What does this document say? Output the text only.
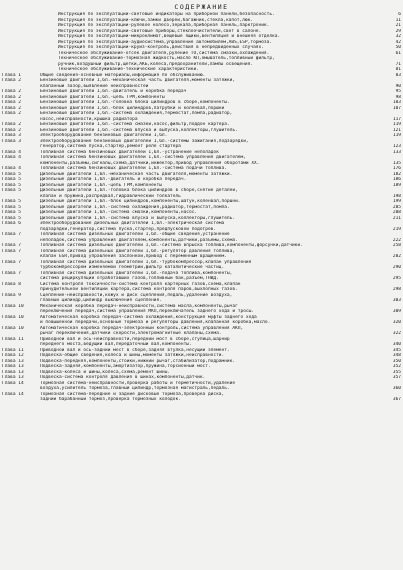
СОДЕРЖАНИЕ
Инструкция по эксплуатации-световые индикаторы на приборной панели,безопасность.	6
Инструкция по эксплуатации-ключи,замки дверей,багажник,стекла,капот,люк.	11
Инструкция по эксплуатации-рулевое колесо,зеркала,приборная панель,парктроник.	21
Инструкция по эксплуатации-световые приборы,стеклоочистители,свет в салоне.	29
Инструкция по эксплуатации-микроклимат,вещевые ящики,вентиляция и внешняя отделка.	32
Инструкция по эксплуатации-аудиосистема,управление автомобилем,ABS,ESP,тормоза.	42
Инструкция по эксплуатации-круиз-контроль,действия в непредвиденных случаях.	50
Техническое обслуживание-отсек двигателя,руление TO,система смазки,охлаждения.	61
Техническое обслуживание-тормозная жидкость,масло КП,омыватель,топливный фильтр,
ручник,воздушный фильтр,щетки,АКБ,колеса,предохранители,лампы освещения.	71
Техническое обслуживание-технические характеристики.	81
Глава 1	Общие сведения-основные материалы,информация по обслуживанию.	83
Глава 2	Бензиновые двигатели 1,6л.-механическая часть двигателя,моменты затяжки,
клапанный зазор,выявление неисправностей	90
Глава 2	Бензиновые двигатели 1,6л.-двигатель и коробка передач	95
Глава 2	Бензиновые двигатели 1,6л.-цепь ГРМ,компоненты	98
Глава 2	Бензиновые двигатели 1,6л.-головка блока цилиндров в сборе,компоненты.	103
Глава 2	Бензиновые двигатели 1,6л.-блок цилиндров,патрубки и коленвал,поршни	107
Глава 2	Бензиновые двигатели 1,6л.-система охлаждения,термостат,помпа,радиатор,
насос,неисправности,крышка радиатора	117
Глава 2	Бензиновые двигатели 1,6л.-система смазки,насос,фильтр,поддон картера.	119
Глава 2	Бензиновые двигатели 1,6л.-система впуска и выпуска,коллекторы,глушитель.	121
Глава 3	Электрооборудование бензиновых двигателей 1,6л.	119
Глава 3	Электрооборудование бензиновых двигателей 1,6л.-системы зажигания,подзарядки,
генератор,система пуска,стартер,ремонт реле стартера	123
Глава 4	Топливная система бензиновых двигателей 1,6л.-устранение неполадок	133
Глава 4	Топливная система бензиновых двигателей 1,6л.-система управления двигателем,
компоненты,разъемы,сигналы,схема,датчики,инжектор,привод управления оборотами ХХ.	135
Глава 4	Топливная система бензиновых двигателей 1,6л.-система подачи топлива.	176
Глава 5	Дизельные двигатели 1,6л.-механическая часть двигателя,моменты затяжки.	182
Глава 5	Дизельные двигатели 1,6л.-двигатель и коробка передач.	186
Глава 5	Дизельные двигатели 1,6л.-цепь ГРМ,компоненты	189
Глава 5	Дизельные двигатели 1,6л.-головка блока цилиндров в сборе,снятие деталей,
клапан и пружина,распредвал,гидравлический толкатель	198
Глава 5	Дизельные двигатели 1,6л.-блок цилиндров,компоненты,шатун,коленвал,поршни.	199
Глава 5	Дизельные двигатели 1,6л.-система охлаждения,радиатор,термостат,помпа.	205
Глава 5	Дизельные двигатели 1,6л.-система смазки,компоненты,насос.	208
Глава 5	Дизельные двигатели 1,6л.-система впуска и выпуска,коллекторы,глушитель.	211
Глава 6	Электрооборудование дизельных двигателей 1,6л.-электрическая система
подзарядки,генератор,система пуска,стартер,предпусковой подогрев.	219
Глава 7	Топливная система дизельных двигателей 1,6л.-общие сведения,устранение
неполадок,система управления двигателем,компоненты,датчики,разъемы,схема.	222
Глава 7	Топливная система дизельных двигателей 1,6л.-система впрыска топлива,компоненты,форсунки,датчики.	258
Глава 7	Топливная система дизельных двигателей 1,6л.-регулятор давления топлива,
клапан EGR,привод управления заслонкой,привод с переменным вращением.	282
Глава 7	Топливная система дизельных двигателей 1,6л.-турбокомпрессор,клапан управления
турбокомпрессором изменяемой геометрии,фильтр каталитические частиц.	290
Глава 7	Топливная система дизельных двигателей 1,6л.-подача топлива,компоненты,
система рециркуляции отработавших газов,топливный бак,разъём,ТНВД.	295
Глава 8	Система контроля токсичности-система контроля картерных газов,схема,клапан
принудительной вентиляции картера,система контроля паров,выхлопных газов.	298
Глава 9	Сцепление-неисправности,кожух и диск сцепления,педаль,удаление воздуха,
главный цилиндр,цилиндр выключения сцепления.	303
Глава 10	Механическая коробка передач-неисправности,система масла,компоненты,рычаг
переключения передач,система управления МКП,переключатель заднего хода и тросы.	309
Глава 10	Автоматическая коробка передач-система охлаждения,конструкция муфты заднего хода
и повышенной передачи,основные тормоза и регуляторы давления,клапанная коробка,масло.	320
Глава 10	Автоматическая коробка передач-электронный контроль,система управления АКП,
рычаг переключения,датчики скорости,электромагнитные клапаны,схема.	322
Глава 11	Приводной вал и ось-неисправности,передний мост в сборе,ступица,шарнир
переднего моста,ведущий вал,передаточный вал,компоненты.	340
Глава 11	Приводной вал и ось-задний мост в сборе,задняя втулка,несущий элемент.	345
Глава 12	Подвеска-общие сведения,колеса и шины,моменты затяжки,неисправности.	348
Глава 13	Подвеска-передняя,компоненты,стойки,нижний рычаг,стабилизатор,подрамник.	350
Глава 13	Подвеска-задняя,компоненты,амортизатор,пружина,торсионный мост.	352
Глава 13	Подвеска-колеса и шины,колеса,схема,ремонт шины.	355
Глава 13	Подвеска-система контроля давления в шинах,компоненты,датчик.	357
Глава 14	Тормозная система-неисправности,проверка работы и герметичности,удаление
воздуха,усилитель тормоза,главный цилиндр,тормозная магистраль,педаль.	360
Глава 14	Тормозная система-передние и задние дисковые тормоза,проверка диска,
задний барабанный тормоз,проверка тормозных колодок.	367
